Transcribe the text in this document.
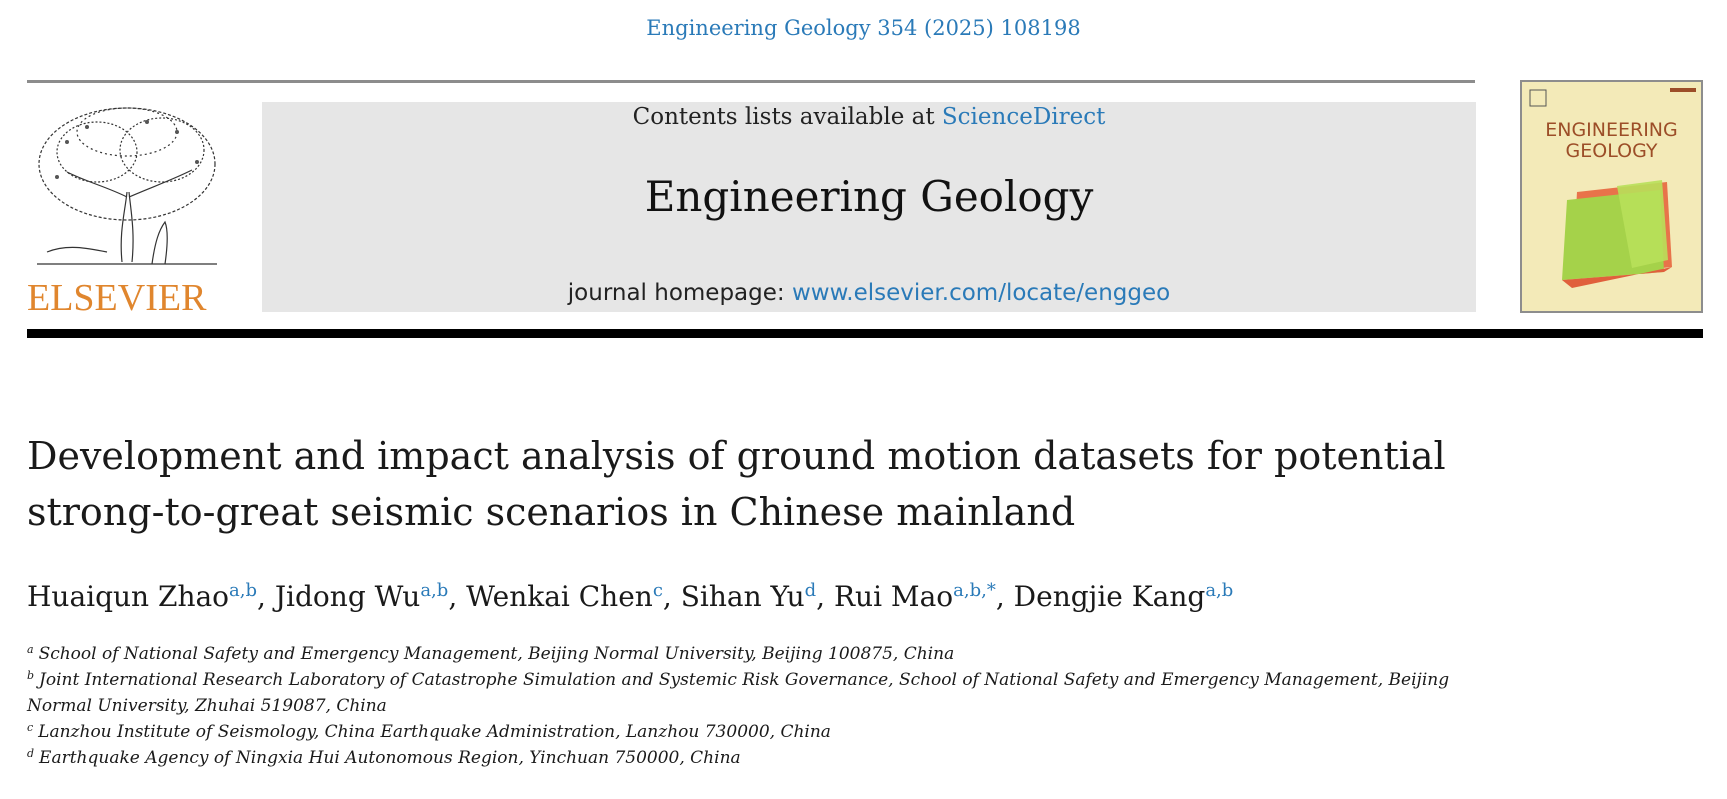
Engineering Geology 354 (2025) 108198
ELSEVIER
Contents lists available at ScienceDirect
Engineering Geology
journal homepage: www.elsevier.com/locate/enggeo
ENGINEERING
GEOLOGY
Development and impact analysis of ground motion datasets for potential
strong-to-great seismic scenarios in Chinese mainland
Huaiqun Zhao$^{a,b}$, Jidong Wu$^{a,b}$, Wenkai Chen$^c$, Sihan Yu$^d$, Rui Mao$^{a,b,*}$, Dengjie Kang$^{a,b}$

$^a$ School of National Safety and Emergency Management, Beijing Normal University, Beijing 100875, China

$^b$ Joint International Research Laboratory of Catastrophe Simulation and Systemic Risk Governance, School of National Safety and Emergency Management, Beijing Normal University, Zhuhai 519087, China

$^c$ Lanzhou Institute of Seismology, China Earthquake Administration, Lanzhou 730000, China

$^d$ Earthquake Agency of Ningxia Hui Autonomous Region, Yinchuan 750000, China
